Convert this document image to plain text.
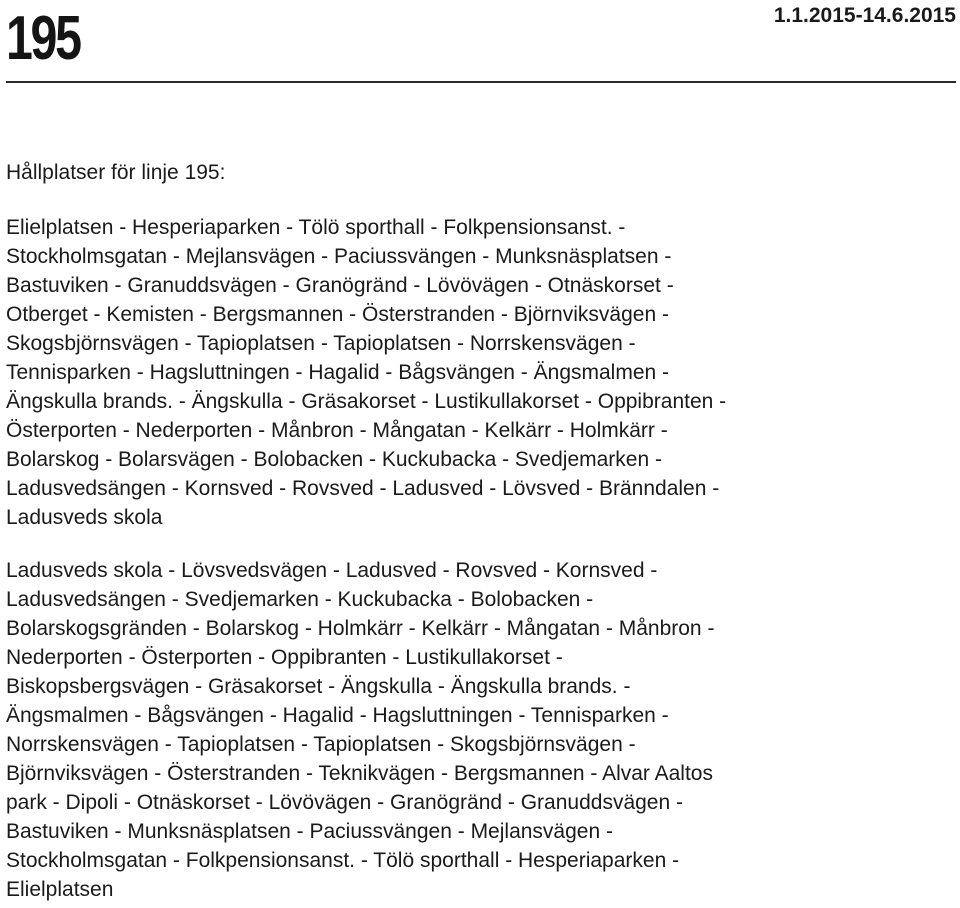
195	1.1.2015-14.6.2015
Hållplatser för linje 195:

Elielplatsen - Hesperiaparken - Tölö sporthall - Folkpensionsanst. -
Stockholmsgatan - Mejlansvägen - Paciussvängen - Munksnäsplatsen -
Bastuviken - Granuddsvägen - Granögränd - Lövövägen - Otnäskorset -
Otberget - Kemisten - Bergsmannen - Österstranden - Björnviksvägen -
Skogsbjörnsvägen - Tapioplatsen - Tapioplatsen - Norrskensvägen -
Tennisparken - Hagsluttningen - Hagalid - Bågsvängen - Ängsmalmen -
Ängskulla brands. - Ängskulla - Gräsakorset - Lustikullakorset - Oppibranten -
Österporten - Nederporten - Månbron - Mångatan - Kelkärr - Holmkärr -
Bolarskog - Bolarsvägen - Bolobacken - Kuckubacka - Svedjemarken -
Ladusvedsängen - Kornsved - Rovsved - Ladusved - Lövsved - Bränndalen -
Ladusveds skola

Ladusveds skola - Lövsvedsvägen - Ladusved - Rovsved - Kornsved -
Ladusvedsängen - Svedjemarken - Kuckubacka - Bolobacken -
Bolarskogsgränden - Bolarskog - Holmkärr - Kelkärr - Mångatan - Månbron -
Nederporten - Österporten - Oppibranten - Lustikullakorset -
Biskopsbergsvägen - Gräsakorset - Ängskulla - Ängskulla brands. -
Ängsmalmen - Bågsvängen - Hagalid - Hagsluttningen - Tennisparken -
Norrskensvägen - Tapioplatsen - Tapioplatsen - Skogsbjörnsvägen -
Björnviksvägen - Österstranden - Teknikvägen - Bergsmannen - Alvar Aaltos
park - Dipoli - Otnäskorset - Lövövägen - Granögränd - Granuddsvägen -
Bastuviken - Munksnäsplatsen - Paciussvängen - Mejlansvägen -
Stockholmsgatan - Folkpensionsanst. - Tölö sporthall - Hesperiaparken -
Elielplatsen
